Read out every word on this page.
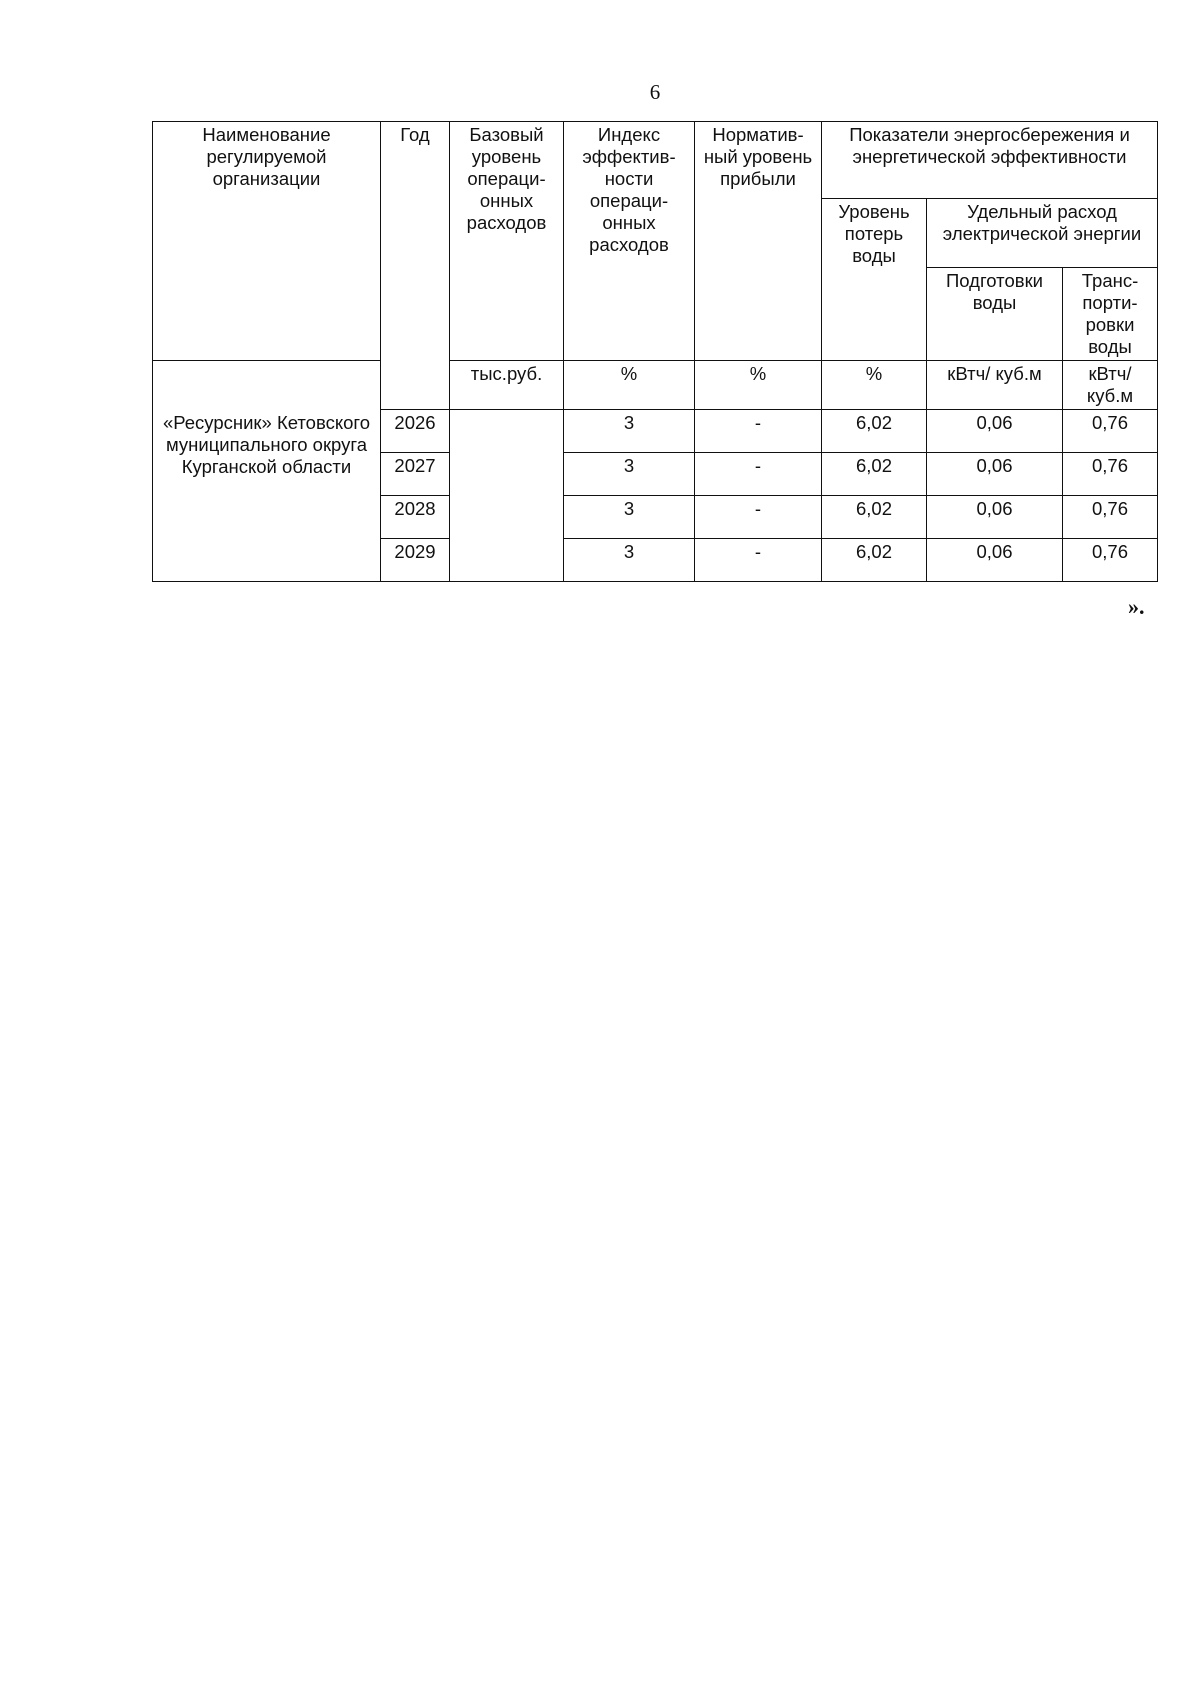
6
Наименование регулируемой организации	Год	Базовый уровень операци-онных расходов	Индекс эффектив-ности операци-онных расходов	Норматив-ный уровень прибыли	Показатели энергосбережения и энергетической эффективности		
					Уровень потерь воды	Удельный расход электрической энергии	
						Подготовки воды	Транс-порти-ровки воды
		тыс.руб.	%	%	%	кВтч/ куб.м	кВтч/ куб.м
«Ресурсник» Кетовского муниципального округа Курганской области	2026		3	-	6,02	0,06	0,76
	2027		3	-	6,02	0,06	0,76
	2028		3	-	6,02	0,06	0,76
	2029		3	-	6,02	0,06	0,76
».
